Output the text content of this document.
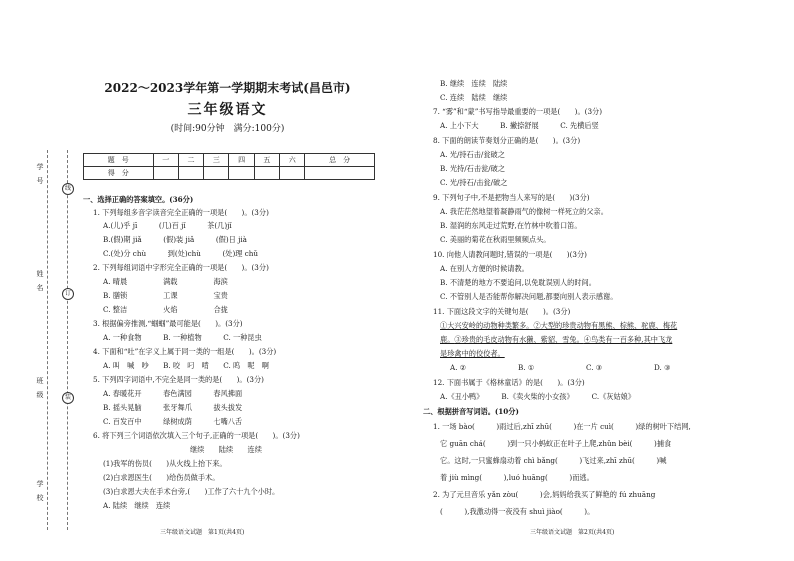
学　号
姓　名
班　级
学　校
线
订
装
2022～2023学年第一学期期末考试(昌邑市)
三年级语文
(时间:90分钟　满分:100分)
题　号	一	二	三	四	五	六	总　分
得　分							
一、选择正确的答案填空。(36分)
1. 下列每组多音字读音完全正确的一项是(　　)。(3分)
A.(儿)乎 jī　　　(几)百 jǐ　　　茶(几)jǐ
B.(假)期 jiǎ　　　(假)装 jiǎ　　　(假)日 jià
C.(处)分 chù　　　到(处)chù　　　(处)理 chǔ
2. 下列每组词语中字形完全正确的一项是(　　)。(3分)
A. 晴晨　　　　　满载　　　　　海滨
B. 膳锁　　　　　工课　　　　　宝贵
C. 整洁　　　　　火焰　　　　　合拢
3. 根据偏旁推测,“蝈蝈”最可能是(　　)。(3分)
A. 一种食物　　　B. 一种植物　　　C. 一种昆虫
4. 下面和“吐”在字义上属于同一类的一组是(　　)。(3分)
A. 叫　喊　吵　　B. 咬　叼　啃　　C. 呜　呢　啊
5. 下列四字词语中,不完全是同一类的是(　　)。(3分)
A. 春暖花开　　　春色满园　　　春风拂面
B. 摇头晃脑　　　张牙舞爪　　　拔头拔发
C. 百发百中　　　绿树成荫　　　七嘴八舌
6. 将下列三个词语依次填入三个句子,正确的一项是(　　)。(3分)
继续　　陆续　　连续
(1)我军的伤员(　　)从火线上抬下来。
(2)白求恩医生(　　)给伤员做手术。
(3)白求恩大夫在手术台旁,(　　)工作了六十九个小时。
A. 陆续　继续　连续
三年级语文试题　第1页(共4页)
B. 继续　连续　陆续
C. 连续　陆续　继续
7. “雾”和“蒙”书写指导最重要的一项是(　　)。(3分)
A. 上小下大　　　B. 撇捺舒展　　　C. 先横后竖
8. 下面的朗读节奏划分正确的是(　　)。(3分)
A. 光/持石击/瓮破之
B. 光持/石击瓮/破之
C. 光/持石/击瓮/破之
9. 下列句子中,不是把物当人来写的是(　　)(3分)
A. 我茫茫然地望着凝静雨气的像树一样死立的父亲。
B. 湿润的东风走过荒野,在竹林中吹着口笛。
C. 美丽的菊花在秋雨里频频点头。
10. 向他人请教问题时,错误的一项是(　　)(3分)
A. 在别人方便的时候请教。
B. 不清楚的地方不要追问,以免耽误别人的时间。
C. 不管别人是否能帮你解决问题,都要向别人表示感谢。
11. 下面这段文字的关键句是(　　)。(3分)
①大兴安岭的动物种类繁多。②大型的珍贵动物有黑熊、棕熊、驼鹿、梅花
鹿。③珍贵的毛皮动物有水獭、紫貂、雪兔。④鸟类有一百多种,其中飞龙
是珍禽中的佼佼者。
A. ②	B. ①	C. ③	D. ③
12. 下面书属于《格林童话》的是(　　)。(3分)
A.《丑小鸭》　　　B.《卖火柴的小女孩》　　　C.《灰姑娘》
二、根据拼音写词语。(10分)
1. 一场 bào(　　　)雨过后,zhī zhū(　　　)在一片 cuì(　　　)绿的树叶下结网,
它 guān chá(　　　)到一只小蚂蚁正在叶子上爬,zhǔn bèi(　　　)捕食
它。这时,一只蜜蜂扇动着 chì bǎng(　　　)飞过来,zhī zhū(　　　)喊
着 jiù mìng(　　　),luó huāng(　　　)而逃。
2. 为了元旦音乐 yǎn zòu(　　　)会,妈妈给我买了鲜艳的 fú zhuāng
(　　　),我激动得一夜没有 shuì jiào(　　　)。
三年级语文试题　第2页(共4页)
